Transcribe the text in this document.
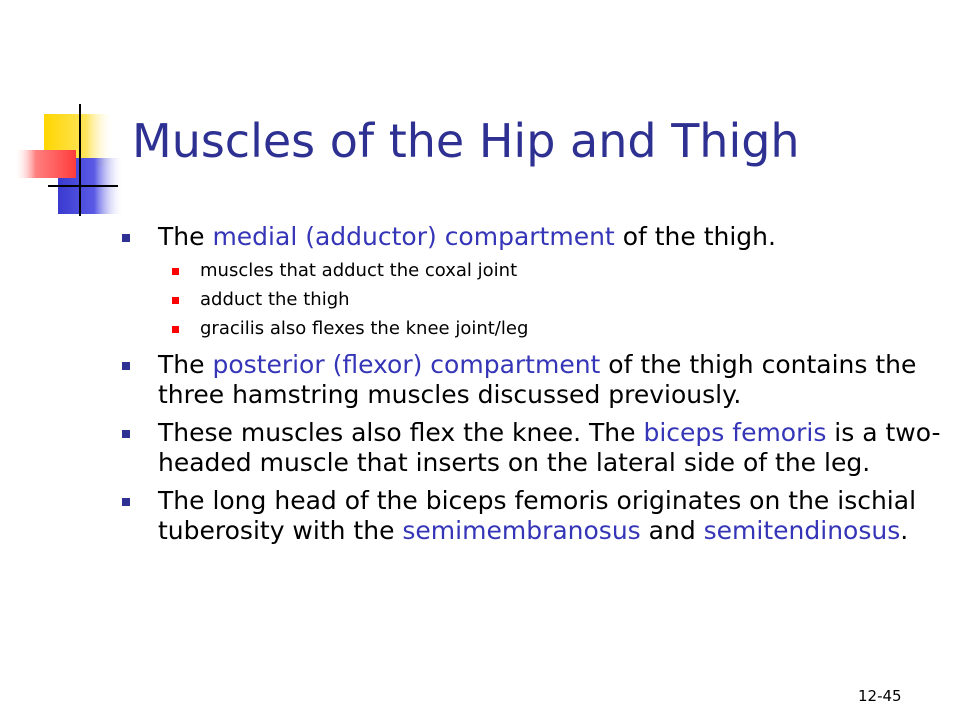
Muscles of the Hip and Thigh
The medial (adductor) compartment of the thigh.
muscles that adduct the coxal joint
adduct the thigh
gracilis also flexes the knee joint/leg
The posterior (flexor) compartment of the thigh contains the three hamstring muscles discussed previously.
These muscles also flex the knee. The biceps femoris is a two-headed muscle that inserts on the lateral side of the leg.
The long head of the biceps femoris originates on the ischial tuberosity with the semimembranosus and semitendinosus.
12-45
